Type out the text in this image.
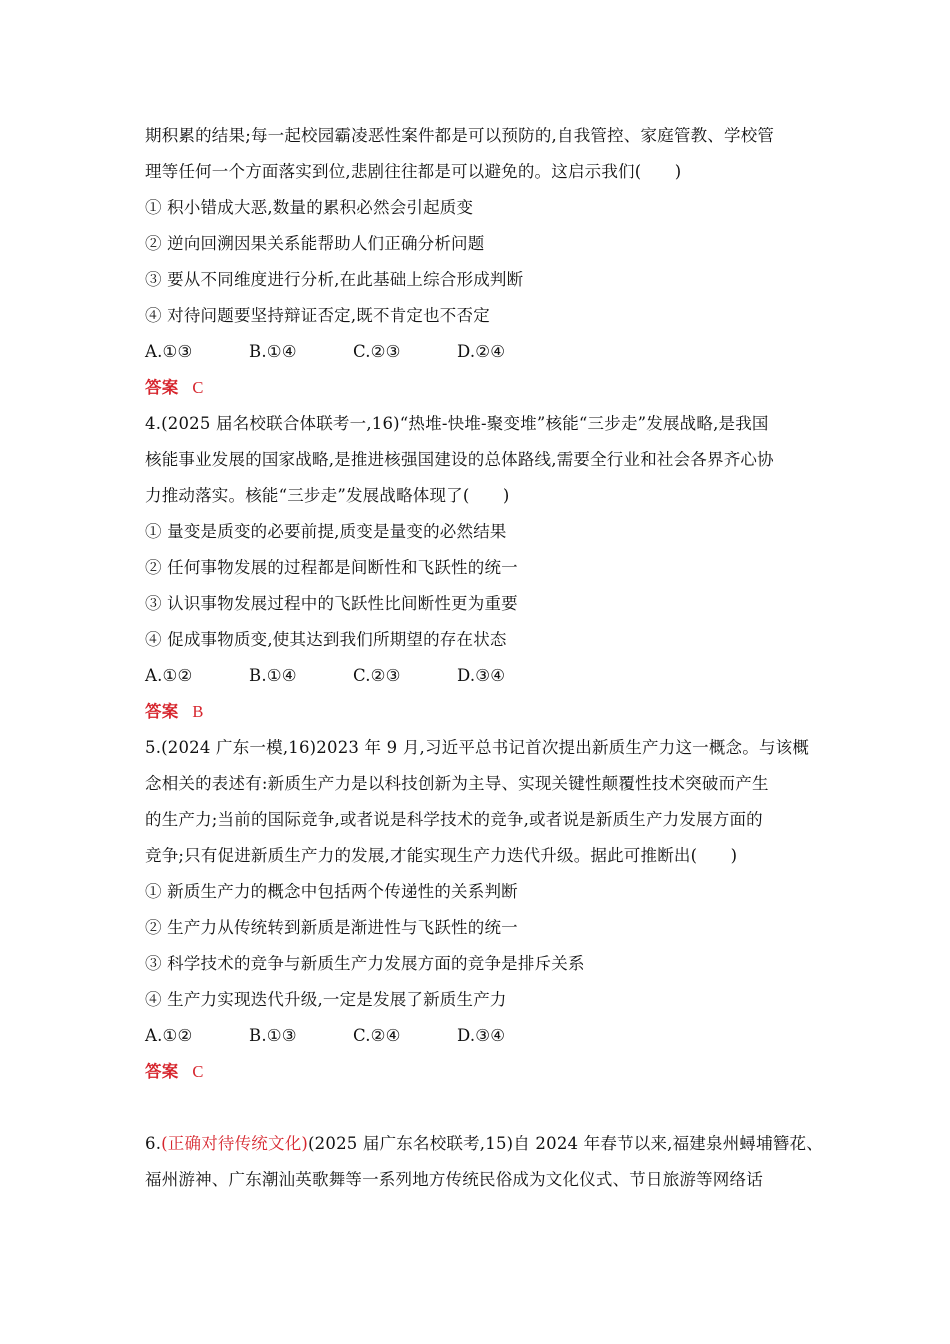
期积累的结果;每一起校园霸凌恶性案件都是可以预防的,自我管控、家庭管教、学校管
理等任何一个方面落实到位,悲剧往往都是可以避免的。这启示我们(　　)
① 积小错成大恶,数量的累积必然会引起质变
② 逆向回溯因果关系能帮助人们正确分析问题
③ 要从不同维度进行分析,在此基础上综合形成判断
④ 对待问题要坚持辩证否定,既不肯定也不否定
A.①③	B.①④	C.②③	D.②④
答案 C
4.(2025 届名校联合体联考一,16)“热堆-快堆-聚变堆”核能“三步走”发展战略,是我国
核能事业发展的国家战略,是推进核强国建设的总体路线,需要全行业和社会各界齐心协
力推动落实。核能“三步走”发展战略体现了(　　)
① 量变是质变的必要前提,质变是量变的必然结果
② 任何事物发展的过程都是间断性和飞跃性的统一
③ 认识事物发展过程中的飞跃性比间断性更为重要
④ 促成事物质变,使其达到我们所期望的存在状态
A.①②	B.①④	C.②③	D.③④
答案 B
5.(2024 广东一模,16)2023 年 9 月,习近平总书记首次提出新质生产力这一概念。与该概
念相关的表述有:新质生产力是以科技创新为主导、实现关键性颠覆性技术突破而产生
的生产力;当前的国际竞争,或者说是科学技术的竞争,或者说是新质生产力发展方面的
竞争;只有促进新质生产力的发展,才能实现生产力迭代升级。据此可推断出(　　)
① 新质生产力的概念中包括两个传递性的关系判断
② 生产力从传统转到新质是渐进性与飞跃性的统一
③ 科学技术的竞争与新质生产力发展方面的竞争是排斥关系
④ 生产力实现迭代升级,一定是发展了新质生产力
A.①②	B.①③	C.②④	D.③④
答案 C
6.(正确对待传统文化)(2025 届广东名校联考,15)自 2024 年春节以来,福建泉州蟳埔簪花、
福州游神、广东潮汕英歌舞等一系列地方传统民俗成为文化仪式、节日旅游等网络话
